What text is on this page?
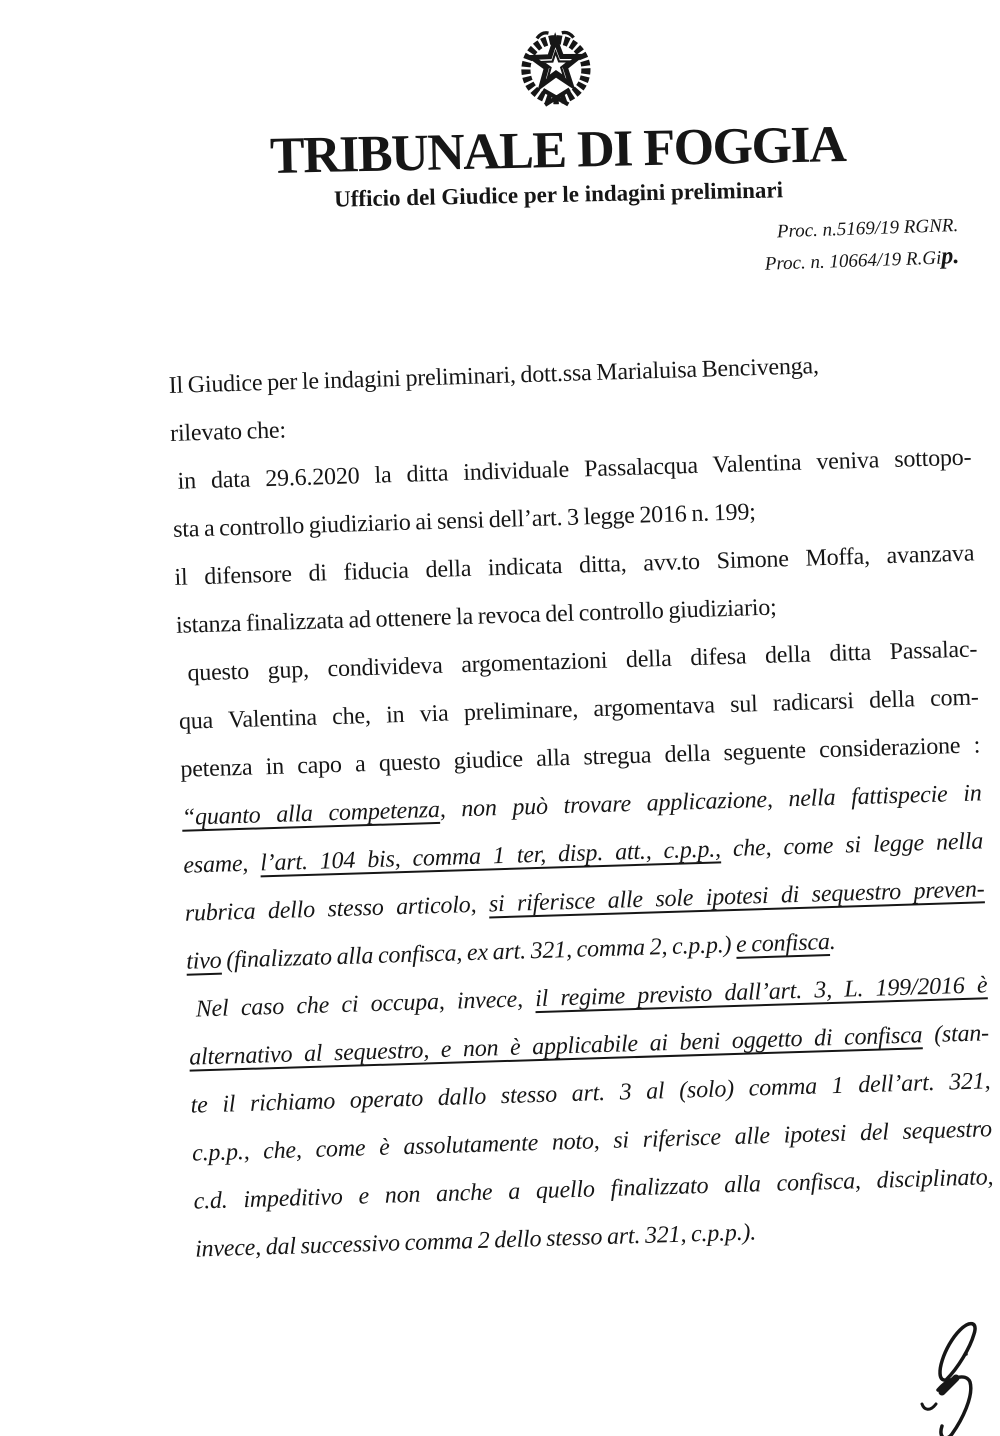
TRIBUNALE DI FOGGIA
Ufficio del Giudice per le indagini preliminari
Proc. n.5169/19 RGNR.
Proc. n. 10664/19 R.Gip.
Il Giudice per le indagini preliminari, dott.ssa Marialuisa Bencivenga,
rilevato che:
in data 29.6.2020 la ditta individuale Passalacqua Valentina veniva sottopo-
sta a controllo giudiziario ai sensi dell’art. 3 legge 2016 n. 199;
il difensore di fiducia della indicata ditta, avv.to Simone Moffa, avanzava
istanza finalizzata ad ottenere la revoca del controllo giudiziario;
questo gup, condivideva argomentazioni della difesa della ditta Passalac-
qua Valentina che, in via preliminare, argomentava sul radicarsi della com-
petenza in capo a questo giudice alla stregua della seguente considerazione :
“quanto alla competenza, non può trovare applicazione, nella fattispecie in
esame, l’art. 104 bis, comma 1 ter, disp. att., c.p.p., che, come si legge nella
rubrica dello stesso articolo, si riferisce alle sole ipotesi di sequestro preven-
tivo (finalizzato alla confisca, ex art. 321, comma 2, c.p.p.) e confisca.
Nel caso che ci occupa, invece, il regime previsto dall’art. 3, L. 199/2016 è
alternativo al sequestro, e non è applicabile ai beni oggetto di confisca (stan-
te il richiamo operato dallo stesso art. 3 al (solo) comma 1 dell’art. 321,
c.p.p., che, come è assolutamente noto, si riferisce alle ipotesi del sequestro
c.d. impeditivo e non anche a quello finalizzato alla confisca, disciplinato,
invece, dal successivo comma 2 dello stesso art. 321, c.p.p.).
